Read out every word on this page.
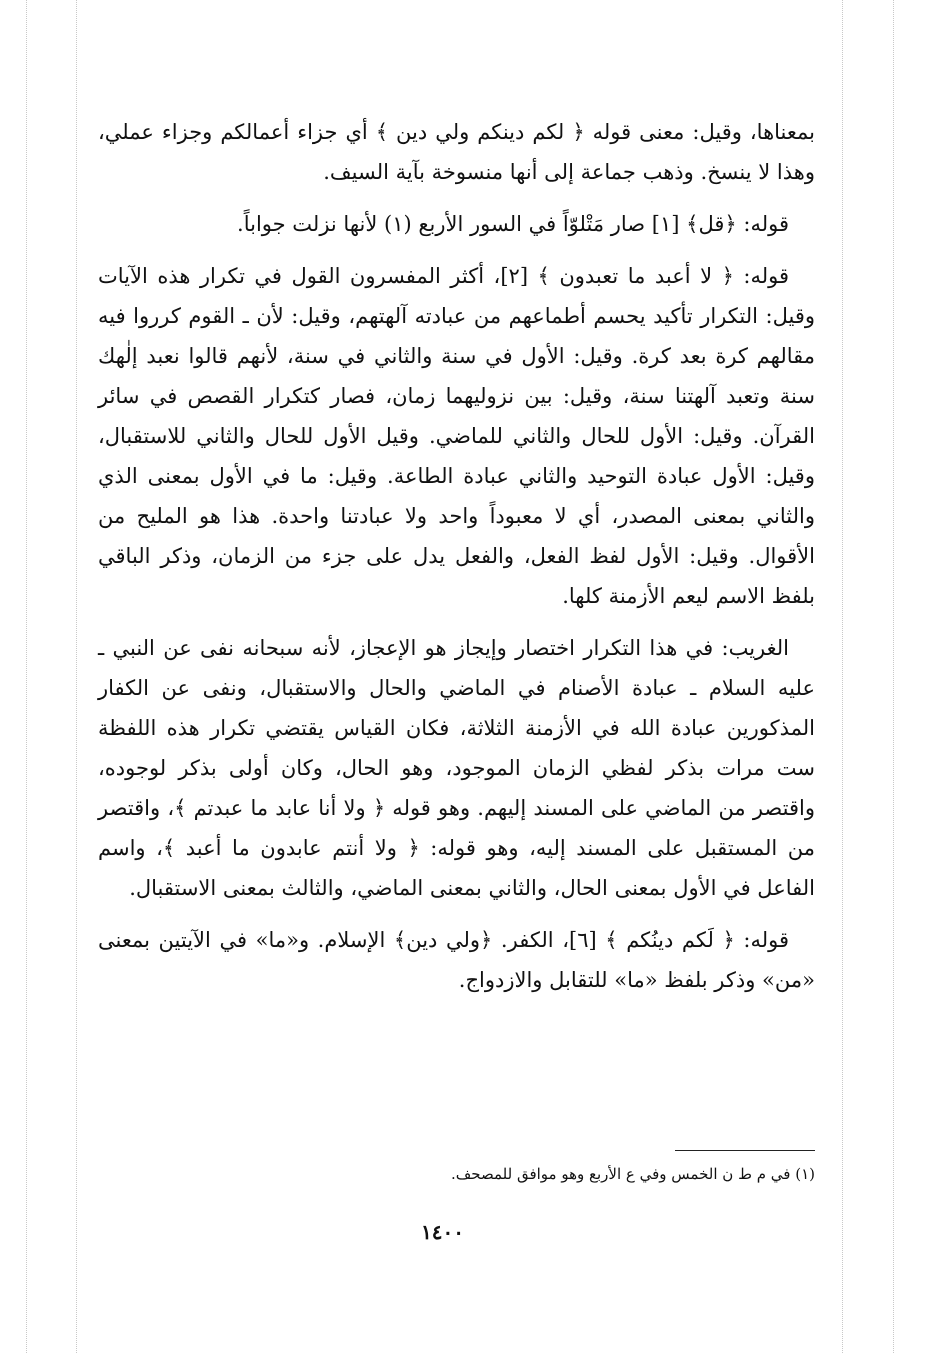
بمعناها، وقيل: معنى قوله ﴿ لكم دينكم ولي دين ﴾ أي جزاء أعمالكم وجزاء عملي، وهذا لا ينسخ. وذهب جماعة إلى أنها منسوخة بآية السيف.

قوله: ﴿قل﴾ [١] صار مَتْلوّاً في السور الأربع (١) لأنها نزلت جواباً.

قوله: ﴿ لا أعبد ما تعبدون ﴾ [٢]، أكثر المفسرون القول في تكرار هذه الآيات وقيل: التكرار تأكيد يحسم أطماعهم من عبادته آلهتهم، وقيل: لأن ـ القوم كرروا فيه مقالهم كرة بعد كرة. وقيل: الأول في سنة والثاني في سنة، لأنهم قالوا نعبد إلٰهك سنة وتعبد آلهتنا سنة، وقيل: بين نزوليهما زمان، فصار كتكرار القصص في سائر القرآن. وقيل: الأول للحال والثاني للماضي. وقيل الأول للحال والثاني للاستقبال، وقيل: الأول عبادة التوحيد والثاني عبادة الطاعة. وقيل: ما في الأول بمعنى الذي والثاني بمعنى المصدر، أي لا معبوداً واحد ولا عبادتنا واحدة. هذا هو المليح من الأقوال. وقيل: الأول لفظ الفعل، والفعل يدل على جزء من الزمان، وذكر الباقي بلفظ الاسم ليعم الأزمنة كلها.

الغريب: في هذا التكرار اختصار وإيجاز هو الإعجاز، لأنه سبحانه نفى عن النبي ـ عليه السلام ـ عبادة الأصنام في الماضي والحال والاستقبال، ونفى عن الكفار المذكورين عبادة الله في الأزمنة الثلاثة، فكان القياس يقتضي تكرار هذه اللفظة ست مرات بذكر لفظي الزمان الموجود، وهو الحال، وكان أولى بذكر لوجوده، واقتصر من الماضي على المسند إليهم. وهو قوله ﴿ ولا أنا عابد ما عبدتم ﴾، واقتصر من المستقبل على المسند إليه، وهو قوله: ﴿ ولا أنتم عابدون ما أعبد ﴾، واسم الفاعل في الأول بمعنى الحال، والثاني بمعنى الماضي، والثالث بمعنى الاستقبال.

قوله: ﴿ لَكم دينُكم ﴾ [٦]، الكفر. ﴿ولي دين﴾ الإسلام. و«ما» في الآيتين بمعنى «من» وذكر بلفظ «ما» للتقابل والازدواج.

(١) في م ط ن الخمس وفي ع الأربع وهو موافق للمصحف.
١٤٠٠
